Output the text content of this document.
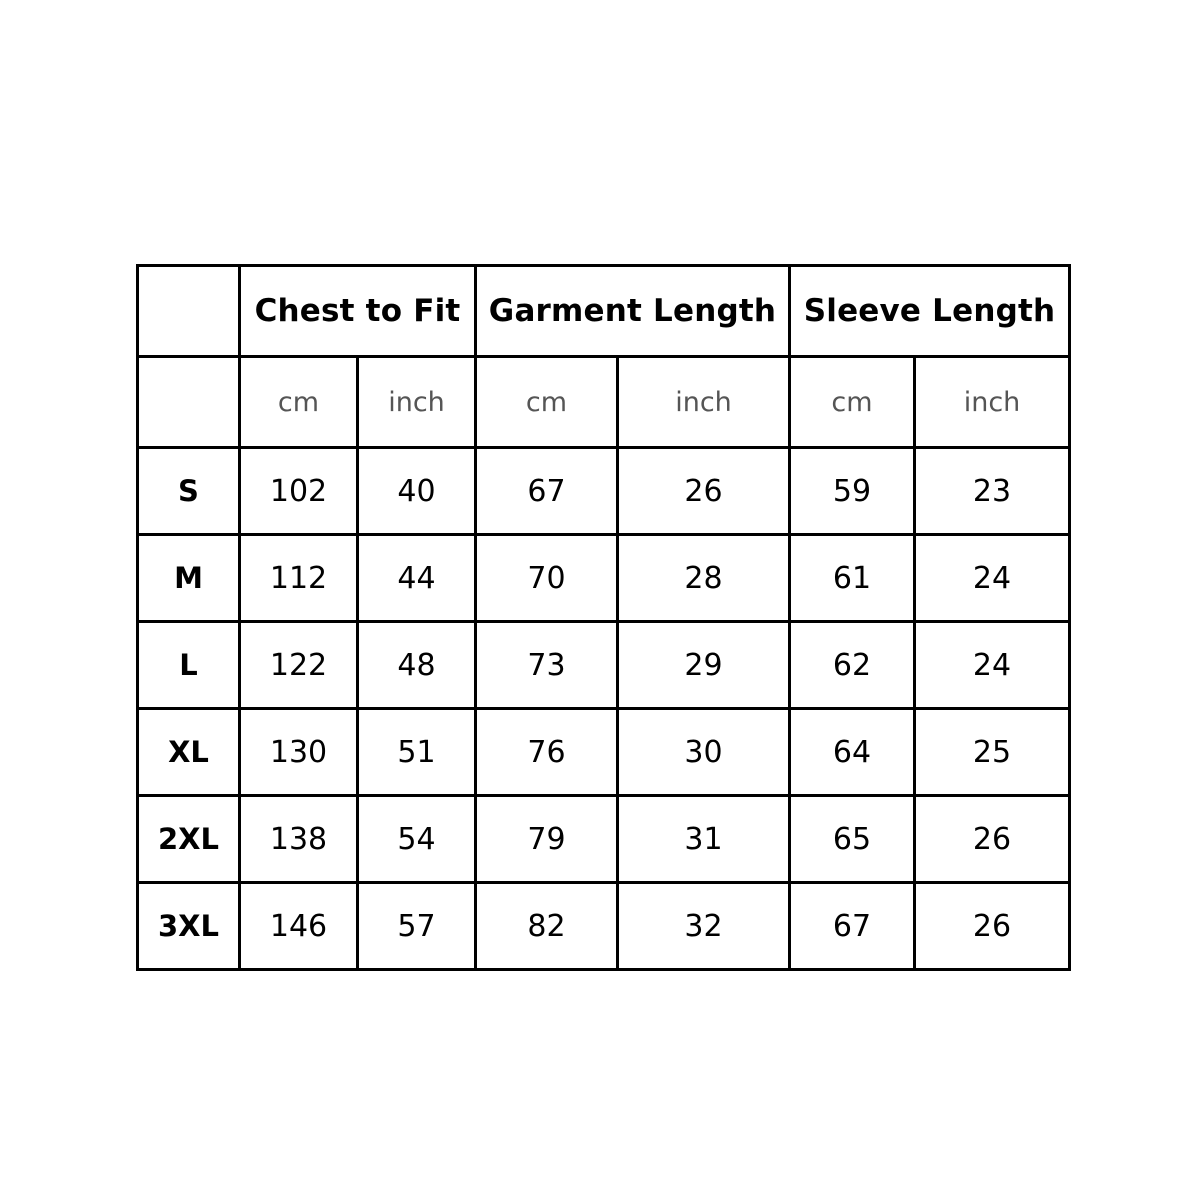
	Chest to Fit		Garment Length		Sleeve Length	
	cm	inch	cm	inch	cm	inch
S	102	40	67	26	59	23
M	112	44	70	28	61	24
L	122	48	73	29	62	24
XL	130	51	76	30	64	25
2XL	138	54	79	31	65	26
3XL	146	57	82	32	67	26
